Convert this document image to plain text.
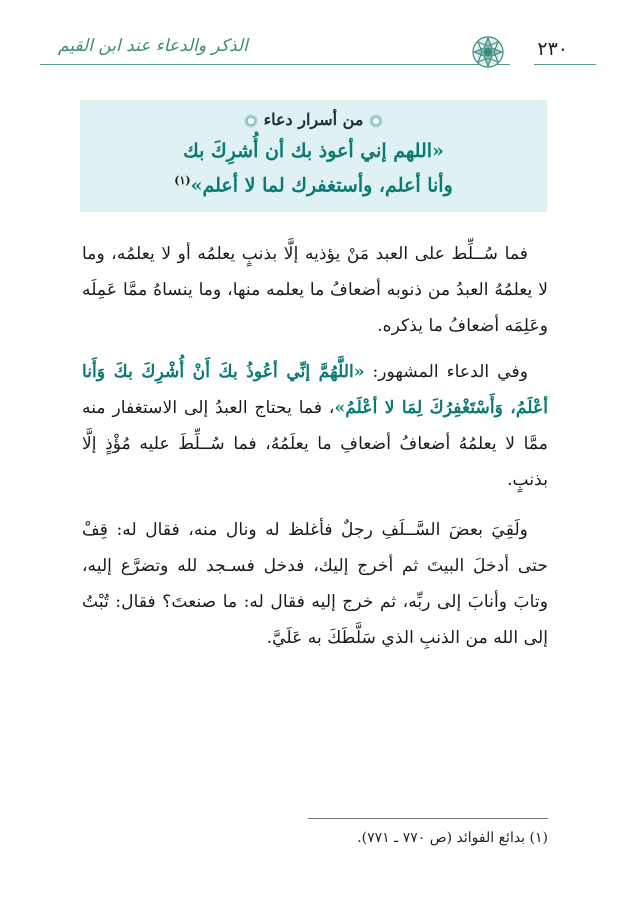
٢٣٠
الذكر والدعاء عند ابن القيم
من أسرار دعاء
«اللهم إني أعوذ بك أن أُشرِكَ بك
وأنا أعلم، وأستغفرك لما لا أعلم»$^{(١)}$
فما سُــلِّط على العبد مَنْ يؤذيه إلَّا بذنبٍ يعلمُه أو لا يعلمُه، وما لا يعلمُهُ العبدُ من ذنوبه أضعافُ ما يعلمه منها، وما ينساهُ ممَّا عَمِلَه وعَلِمَه أضعافُ ما يذكره.
وفي الدعاء المشهور: «اللَّهُمَّ إنِّي أعُوذُ بكَ أَنْ أُشْرِكَ بكَ وَأَنا أعْلَمُ، وَأَسْتَغْفِرُكَ لِمَا لا أعْلَمُ»، فما يحتاج العبدُ إلى الاستغفار منه ممَّا لا يعلمُهُ أضعافُ أضعافِ ما يعلَمُهُ، فما سُــلِّطَ عليه مُؤْذٍ إلَّا بذنبٍ.
ولَقِيَ بعضَ السَّــلَفِ رجلٌ فأغلظ له ونال منه، فقال له: قِفْ حتى أدخلَ البيتَ ثم أخرج إليك، فدخل فسـجد لله وتضرَّع إليه، وتابَ وأنابَ إلى ربِّه، ثم خرج إليه فقال له: ما صنعتَ؟ فقال: تُبْتُ إلى الله من الذنبِ الذي سَلَّطَكَ به عَلَيَّ.
(١) بدائع الفوائد (ص ٧٧٠ ـ ٧٧١).
